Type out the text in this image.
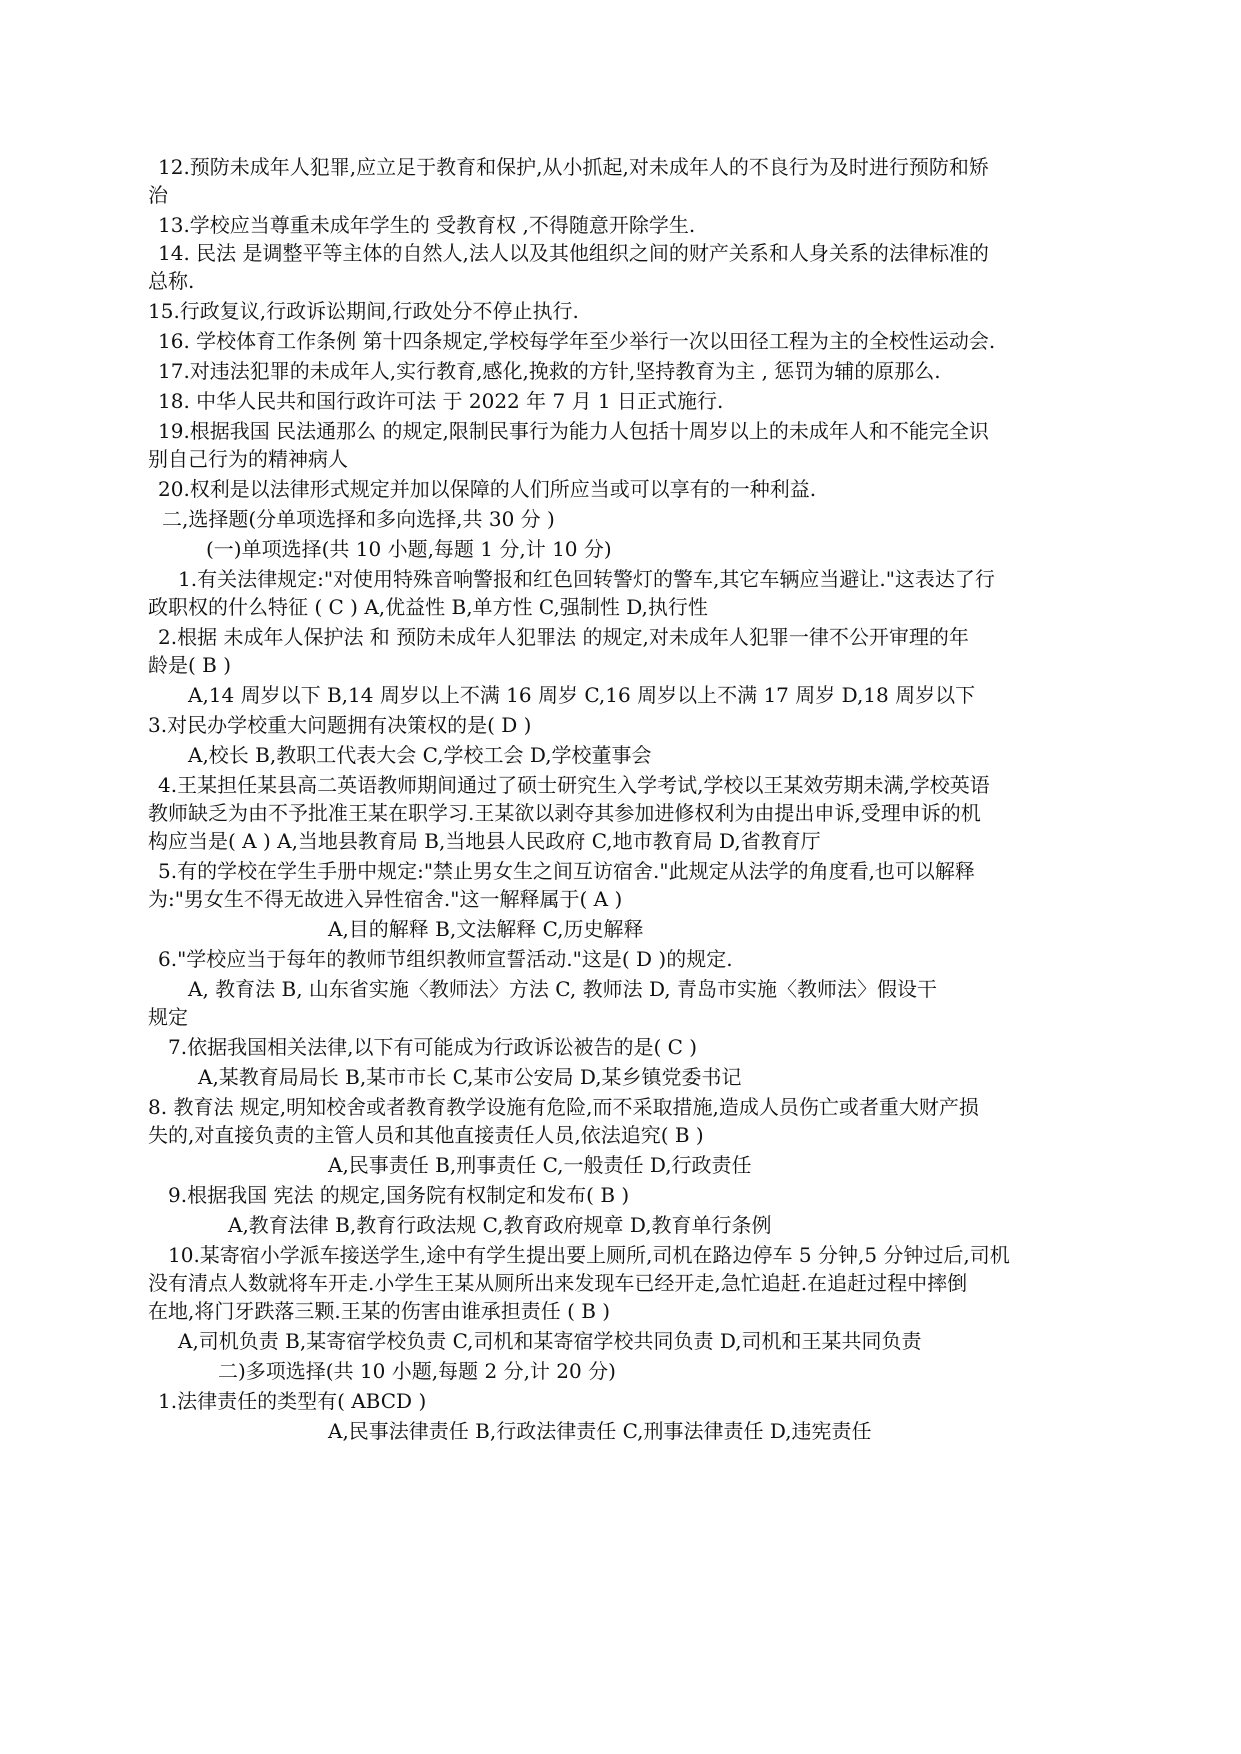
12.预防未成年人犯罪,应立足于教育和保护,从小抓起,对未成年人的不良行为及时进行预防和矫
治
13.学校应当尊重未成年学生的 受教育权 ,不得随意开除学生.
14. 民法 是调整平等主体的自然人,法人以及其他组织之间的财产关系和人身关系的法律标准的
总称.
15.行政复议,行政诉讼期间,行政处分不停止执行.
16. 学校体育工作条例 第十四条规定,学校每学年至少举行一次以田径工程为主的全校性运动会.
17.对违法犯罪的未成年人,实行教育,感化,挽救的方针,坚持教育为主 , 惩罚为辅的原那么.
18. 中华人民共和国行政许可法 于 2022 年 7 月 1 日正式施行.
19.根据我国 民法通那么 的规定,限制民事行为能力人包括十周岁以上的未成年人和不能完全识
别自己行为的精神病人
20.权利是以法律形式规定并加以保障的人们所应当或可以享有的一种利益.
二,选择题(分单项选择和多向选择,共 30 分 )
(一)单项选择(共 10 小题,每题 1 分,计 10 分)
1.有关法律规定:"对使用特殊音响警报和红色回转警灯的警车,其它车辆应当避让."这表达了行
政职权的什么特征 ( C ) A,优益性 B,单方性 C,强制性 D,执行性
2.根据 未成年人保护法 和 预防未成年人犯罪法 的规定,对未成年人犯罪一律不公开审理的年
龄是( B )
A,14 周岁以下 B,14 周岁以上不满 16 周岁 C,16 周岁以上不满 17 周岁 D,18 周岁以下
3.对民办学校重大问题拥有决策权的是( D )
A,校长 B,教职工代表大会 C,学校工会 D,学校董事会
4.王某担任某县高二英语教师期间通过了硕士研究生入学考试,学校以王某效劳期未满,学校英语
教师缺乏为由不予批准王某在职学习.王某欲以剥夺其参加进修权利为由提出申诉,受理申诉的机
构应当是( A ) A,当地县教育局 B,当地县人民政府 C,地市教育局 D,省教育厅
5.有的学校在学生手册中规定:"禁止男女生之间互访宿舍."此规定从法学的角度看,也可以解释
为:"男女生不得无故进入异性宿舍."这一解释属于( A )
A,目的解释 B,文法解释 C,历史解释
6."学校应当于每年的教师节组织教师宣誓活动."这是( D )的规定.
A, 教育法 B, 山东省实施〈教师法〉方法 C, 教师法 D, 青岛市实施〈教师法〉假设干
规定
7.依据我国相关法律,以下有可能成为行政诉讼被告的是( C )
A,某教育局局长 B,某市市长 C,某市公安局 D,某乡镇党委书记
8. 教育法 规定,明知校舍或者教育教学设施有危险,而不采取措施,造成人员伤亡或者重大财产损
失的,对直接负责的主管人员和其他直接责任人员,依法追究( B )
A,民事责任 B,刑事责任 C,一般责任 D,行政责任
9.根据我国 宪法 的规定,国务院有权制定和发布( B )
A,教育法律 B,教育行政法规 C,教育政府规章 D,教育单行条例
10.某寄宿小学派车接送学生,途中有学生提出要上厕所,司机在路边停车 5 分钟,5 分钟过后,司机
没有清点人数就将车开走.小学生王某从厕所出来发现车已经开走,急忙追赶.在追赶过程中摔倒
在地,将门牙跌落三颗.王某的伤害由谁承担责任 ( B )
A,司机负责 B,某寄宿学校负责 C,司机和某寄宿学校共同负责 D,司机和王某共同负责
二)多项选择(共 10 小题,每题 2 分,计 20 分)
1.法律责任的类型有( ABCD )
A,民事法律责任 B,行政法律责任 C,刑事法律责任 D,违宪责任
